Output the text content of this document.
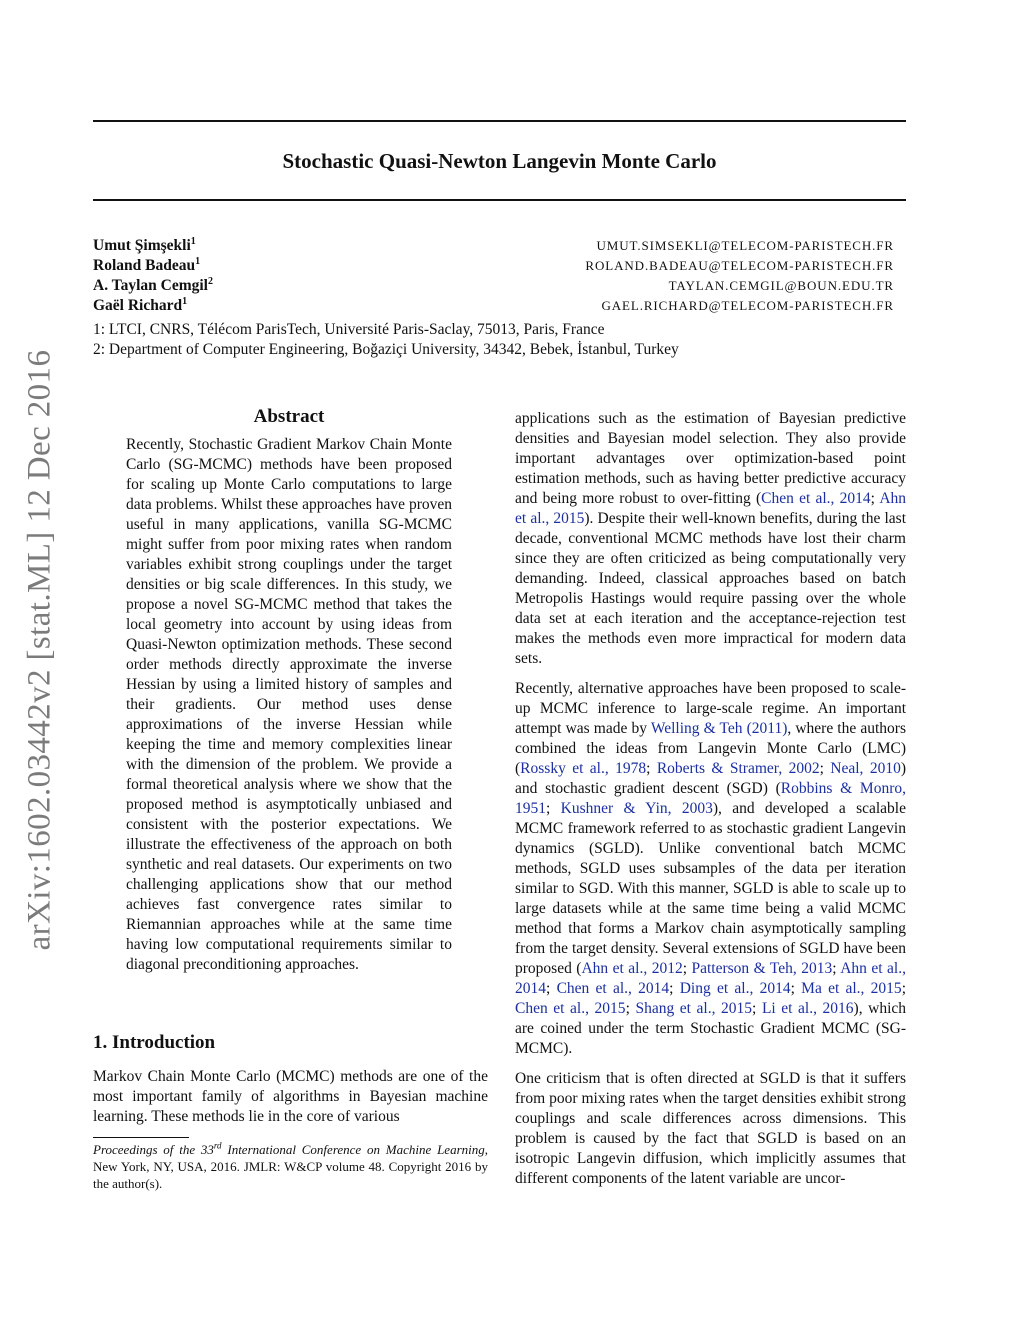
arXiv:1602.03442v2 [stat.ML] 12 Dec 2016
Stochastic Quasi-Newton Langevin Monte Carlo
Umut Şimşekli$^1$	UMUT.SIMSEKLI@TELECOM-PARISTECH.FR
Roland Badeau$^1$	ROLAND.BADEAU@TELECOM-PARISTECH.FR
A. Taylan Cemgil$^2$	TAYLAN.CEMGIL@BOUN.EDU.TR
Gaël Richard$^1$	GAEL.RICHARD@TELECOM-PARISTECH.FR
1: LTCI, CNRS, Télécom ParisTech, Université Paris-Saclay, 75013, Paris, France
2: Department of Computer Engineering, Boğaziçi University, 34342, Bebek, İstanbul, Turkey
Abstract

Recently, Stochastic Gradient Markov Chain Monte Carlo (SG-MCMC) methods have been proposed for scaling up Monte Carlo computations to large data problems. Whilst these approaches have proven useful in many applications, vanilla SG-MCMC might suffer from poor mixing rates when random variables exhibit strong couplings under the target densities or big scale differences. In this study, we propose a novel SG-MCMC method that takes the local geometry into account by using ideas from Quasi-Newton optimization methods. These second order methods directly approximate the inverse Hessian by using a limited history of samples and their gradients. Our method uses dense approximations of the inverse Hessian while keeping the time and memory complexities linear with the dimension of the problem. We provide a formal theoretical analysis where we show that the proposed method is asymptotically unbiased and consistent with the posterior expectations. We illustrate the effectiveness of the approach on both synthetic and real datasets. Our experiments on two challenging applications show that our method achieves fast convergence rates similar to Riemannian approaches while at the same time having low computational requirements similar to diagonal preconditioning approaches.

1. Introduction

Markov Chain Monte Carlo (MCMC) methods are one of the most important family of algorithms in Bayesian machine learning. These methods lie in the core of various

Proceedings of the 33rd International Conference on Machine Learning, New York, NY, USA, 2016. JMLR: W&CP volume 48. Copyright 2016 by the author(s).

applications such as the estimation of Bayesian predictive densities and Bayesian model selection. They also provide important advantages over optimization-based point estimation methods, such as having better predictive accuracy and being more robust to over-fitting (Chen et al., 2014; Ahn et al., 2015). Despite their well-known benefits, during the last decade, conventional MCMC methods have lost their charm since they are often criticized as being computationally very demanding. Indeed, classical approaches based on batch Metropolis Hastings would require passing over the whole data set at each iteration and the acceptance-rejection test makes the methods even more impractical for modern data sets.

Recently, alternative approaches have been proposed to scale-up MCMC inference to large-scale regime. An important attempt was made by Welling & Teh (2011), where the authors combined the ideas from Langevin Monte Carlo (LMC) (Rossky et al., 1978; Roberts & Stramer, 2002; Neal, 2010) and stochastic gradient descent (SGD) (Robbins & Monro, 1951; Kushner & Yin, 2003), and developed a scalable MCMC framework referred to as stochastic gradient Langevin dynamics (SGLD). Unlike conventional batch MCMC methods, SGLD uses subsamples of the data per iteration similar to SGD. With this manner, SGLD is able to scale up to large datasets while at the same time being a valid MCMC method that forms a Markov chain asymptotically sampling from the target density. Several extensions of SGLD have been proposed (Ahn et al., 2012; Patterson & Teh, 2013; Ahn et al., 2014; Chen et al., 2014; Ding et al., 2014; Ma et al., 2015; Chen et al., 2015; Shang et al., 2015; Li et al., 2016), which are coined under the term Stochastic Gradient MCMC (SG-MCMC).

One criticism that is often directed at SGLD is that it suffers from poor mixing rates when the target densities exhibit strong couplings and scale differences across dimensions. This problem is caused by the fact that SGLD is based on an isotropic Langevin diffusion, which implicitly assumes that different components of the latent variable are uncor-
